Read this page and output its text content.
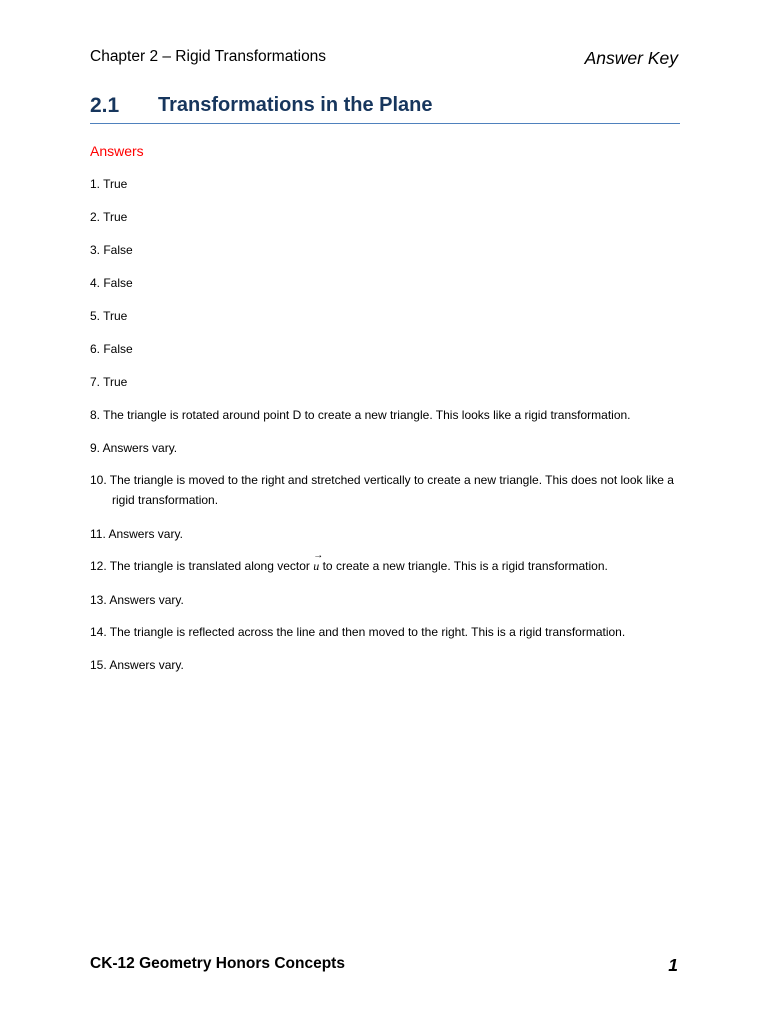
Chapter 2 – Rigid Transformations	Answer Key
2.1 Transformations in the Plane
Answers
1. True
2. True
3. False
4. False
5. True
6. False
7. True
8. The triangle is rotated around point D to create a new triangle. This looks like a rigid transformation.
9. Answers vary.
10. The triangle is moved to the right and stretched vertically to create a new triangle. This does not look like a rigid transformation.
11. Answers vary.
12. The triangle is translated along vector
→
u to create a new triangle. This is a rigid transformation.
13. Answers vary.
14. The triangle is reflected across the line and then moved to the right. This is a rigid transformation.
15. Answers vary.
CK-12 Geometry Honors Concepts	1
